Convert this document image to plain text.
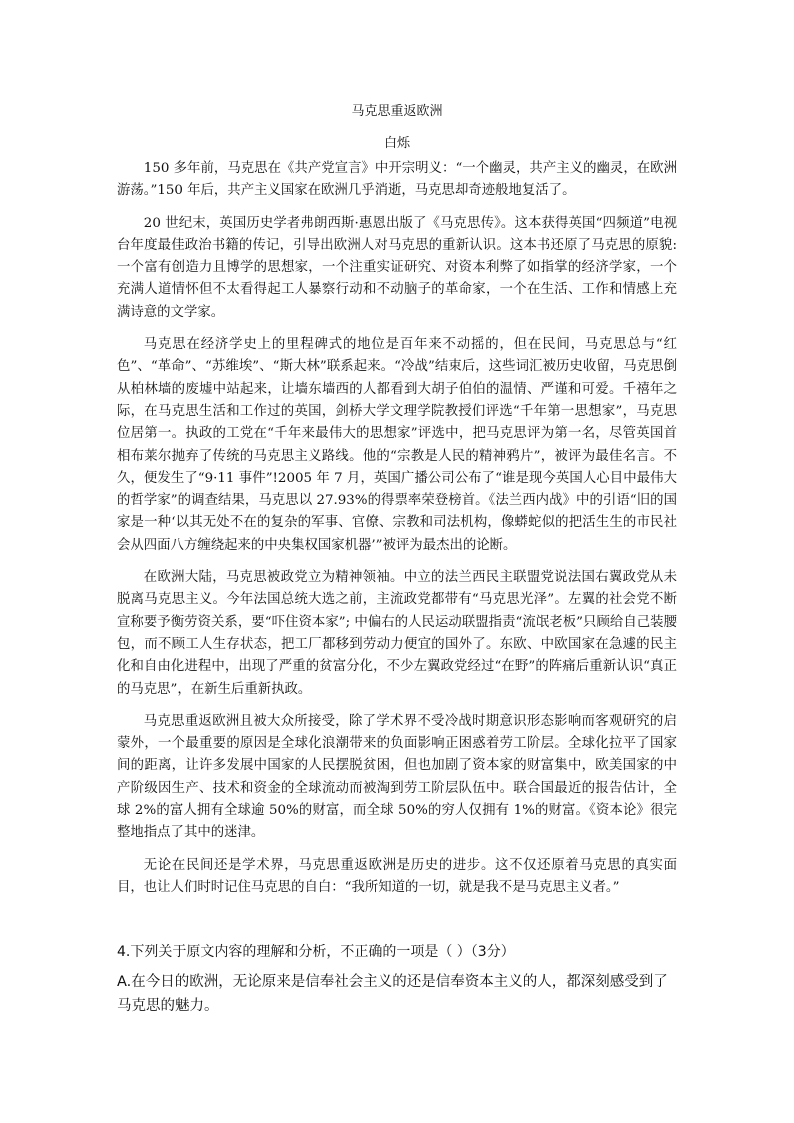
马克思重返欧洲
白烁

150 多年前，马克思在《共产党宣言》中开宗明义：“一个幽灵，共产主义的幽灵，在欧洲游荡。”150 年后，共产主义国家在欧洲几乎消逝，马克思却奇迹般地复活了。

20 世纪末，英国历史学者弗朗西斯·惠恩出版了《马克思传》。这本获得英国“四频道”电视台年度最佳政治书籍的传记，引导出欧洲人对马克思的重新认识。这本书还原了马克思的原貌:一个富有创造力且博学的思想家，一个注重实证研究、对资本利弊了如指掌的经济学家，一个充满人道情怀但不太看得起工人暴察行动和不动脑子的革命家，一个在生活、工作和情感上充满诗意的文学家。

马克思在经济学史上的里程碑式的地位是百年来不动摇的，但在民间，马克思总与“红色”、“革命”、“苏维埃”、“斯大林”联系起来。“冷战”结束后，这些词汇被历史收留，马克思倒从柏林墙的废墟中站起来，让墙东墙西的人都看到大胡子伯伯的温情、严谨和可爱。千禧年之际，在马克思生活和工作过的英国，剑桥大学文理学院教授们评选“千年第一思想家”，马克思位居第一。执政的工党在“千年来最伟大的思想家”评选中，把马克思评为第一名，尽管英国首相布莱尔抛弃了传统的马克思主义路线。他的“宗教是人民的精神鸦片”，被评为最佳名言。不久，便发生了“9·11 事件”!2005 年 7 月，英国广播公司公布了“谁是现今英国人心目中最伟大的哲学家”的调查结果，马克思以 27.93%的得票率荣登榜首。《法兰西内战》中的引语“旧的国家是一种‘以其无处不在的复杂的军事、官僚、宗教和司法机构，像蟒蛇似的把活生生的市民社会从四面八方缠绕起来的中央集权国家机器’”被评为最杰出的论断。

在欧洲大陆，马克思被政党立为精神领袖。中立的法兰西民主联盟党说法国右翼政党从未脱离马克思主义。今年法国总统大选之前，主流政党都带有“马克思光泽”。左翼的社会党不断宣称要予衡劳资关系，要“吓住资本家”; 中偏右的人民运动联盟指责“流氓老板”只顾给自己装腰包，而不顾工人生存状态，把工厂都移到劳动力便宜的国外了。东欧、中欧国家在急遽的民主化和自由化进程中，出现了严重的贫富分化，不少左翼政党经过“在野”的阵痛后重新认识“真正的马克思”，在新生后重新执政。

马克思重返欧洲且被大众所接受，除了学术界不受冷战时期意识形态影响而客观研究的启蒙外，一个最重要的原因是全球化浪潮带来的负面影响正困惑着劳工阶层。全球化拉平了国家间的距离，让许多发展中国家的人民摆脱贫困，但也加剧了资本家的财富集中，欧美国家的中产阶级因生产、技术和资金的全球流动而被淘到劳工阶层队伍中。联合国最近的报告估计，全球 2%的富人拥有全球逾 50%的财富，而全球 50%的穷人仅拥有 1%的财富。《资本论》很完整地指点了其中的迷津。

无论在民间还是学术界，马克思重返欧洲是历史的进步。这不仅还原着马克思的真实面目，也让人们时时记住马克思的自白：“我所知道的一切，就是我不是马克思主义者。”

4.下列关于原文内容的理解和分析，不正确的一项是（ ）（3分）

A.在今日的欧洲，无论原来是信奉社会主义的还是信奉资本主义的人，都深刻感受到了马克思的魅力。
